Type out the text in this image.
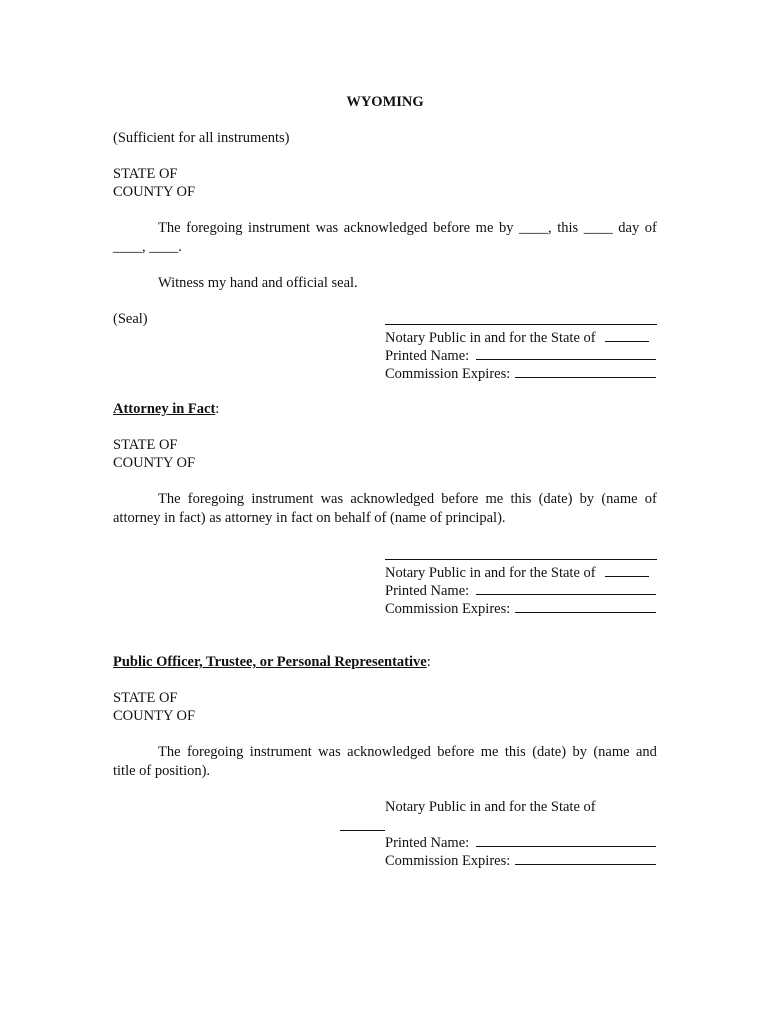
WYOMING
(Sufficient for all instruments)
STATE OF
COUNTY OF
The foregoing instrument was acknowledged before me by ____, this ____ day of
____, ____.
Witness my hand and official seal.
(Seal)
Notary Public in and for the State of
Printed Name:
Commission Expires:
Attorney in Fact:
STATE OF
COUNTY OF
The foregoing instrument was acknowledged before me this (date) by (name of
attorney in fact) as attorney in fact on behalf of (name of principal).
Notary Public in and for the State of
Printed Name:
Commission Expires:
Public Officer, Trustee, or Personal Representative:
STATE OF
COUNTY OF
The foregoing instrument was acknowledged before me this (date) by (name and
title of position).
Notary Public in and for the State of
Printed Name:
Commission Expires:
